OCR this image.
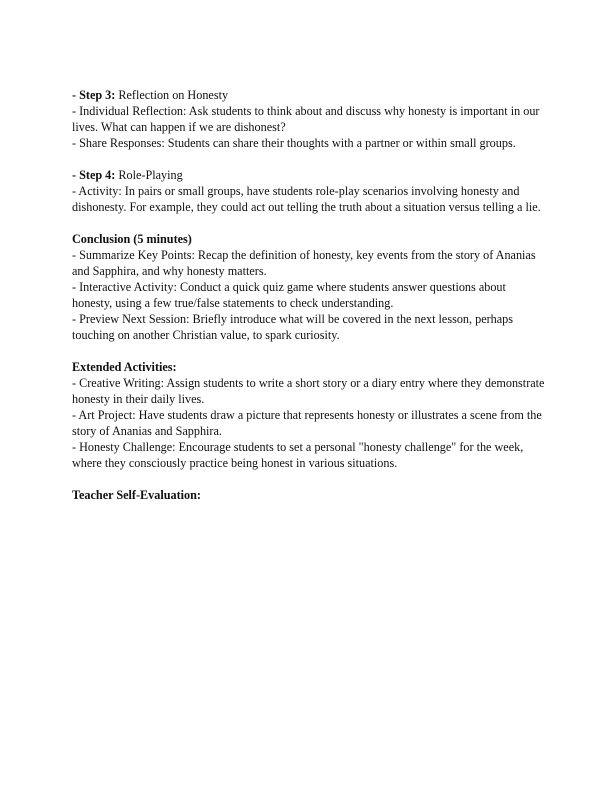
- Step 3: Reflection on Honesty
- Individual Reflection: Ask students to think about and discuss why honesty is important in our
lives. What can happen if we are dishonest?
- Share Responses: Students can share their thoughts with a partner or within small groups.
- Step 4: Role-Playing
- Activity: In pairs or small groups, have students role-play scenarios involving honesty and
dishonesty. For example, they could act out telling the truth about a situation versus telling a lie.
Conclusion (5 minutes)
- Summarize Key Points: Recap the definition of honesty, key events from the story of Ananias
and Sapphira, and why honesty matters.
- Interactive Activity: Conduct a quick quiz game where students answer questions about
honesty, using a few true/false statements to check understanding.
- Preview Next Session: Briefly introduce what will be covered in the next lesson, perhaps
touching on another Christian value, to spark curiosity.
Extended Activities:
- Creative Writing: Assign students to write a short story or a diary entry where they demonstrate
honesty in their daily lives.
- Art Project: Have students draw a picture that represents honesty or illustrates a scene from the
story of Ananias and Sapphira.
- Honesty Challenge: Encourage students to set a personal "honesty challenge" for the week,
where they consciously practice being honest in various situations.
Teacher Self-Evaluation:
